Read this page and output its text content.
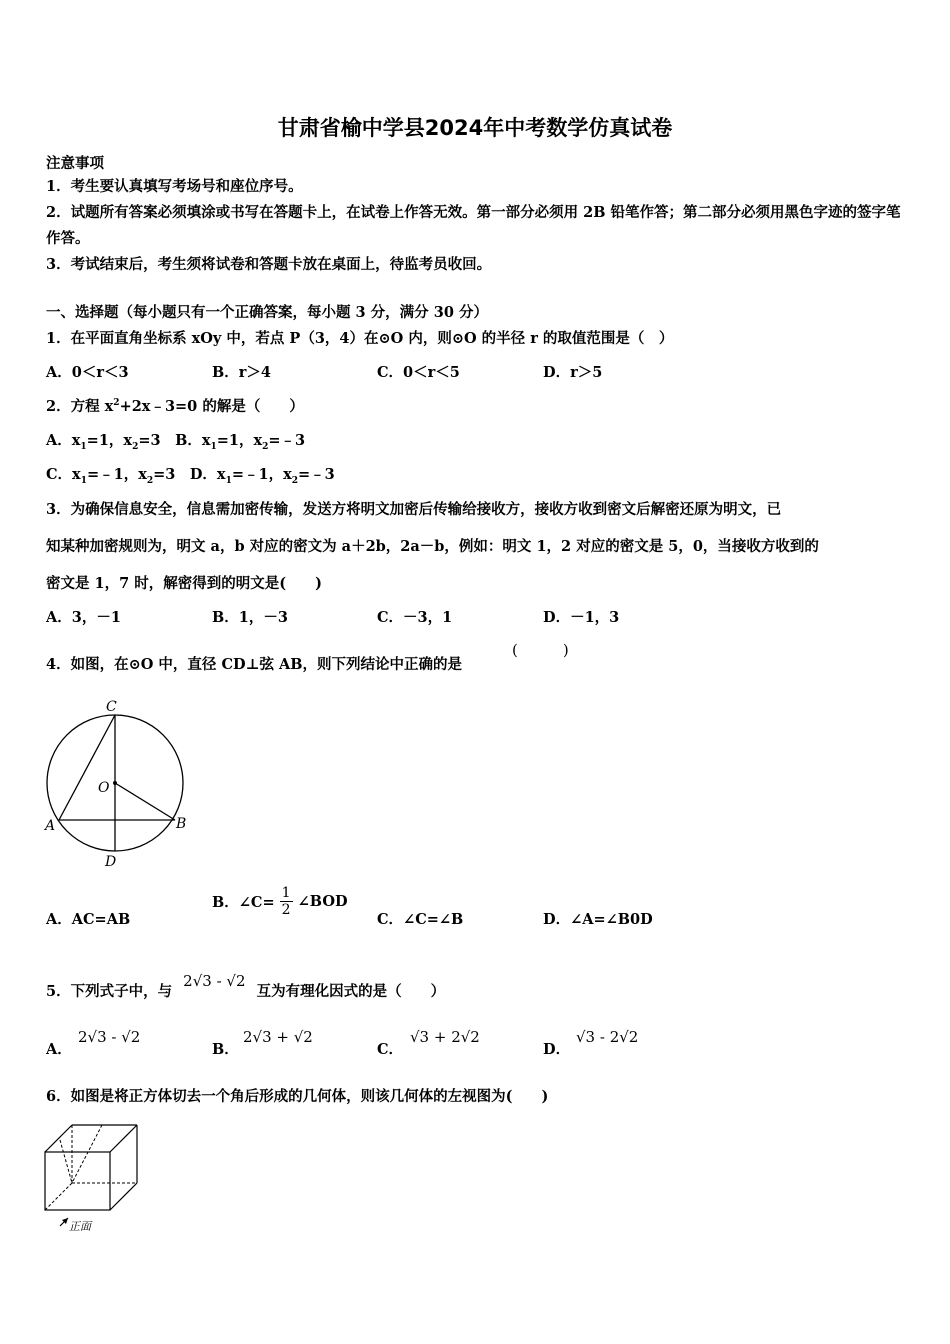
甘肃省榆中学县2024年中考数学仿真试卷
注意事项
1．考生要认真填写考场号和座位序号。
2．试题所有答案必须填涂或书写在答题卡上，在试卷上作答无效。第一部分必须用 2B 铅笔作答；第二部分必须用黑色字迹的签字笔作答。
3．考试结束后，考生须将试卷和答题卡放在桌面上，待监考员收回。
一、选择题（每小题只有一个正确答案，每小题 3 分，满分 30 分）
1．在平面直角坐标系 xOy 中，若点 P（3，4）在⊙O 内，则⊙O 的半径 r 的取值范围是（　）
A．0＜r＜3	B．r＞4	C．0＜r＜5	D．r＞5
2．方程 $x^2+2x﹣3=0$ 的解是（　　）
A．$x_1=1$，$x_2=3$　B．$x_1=1$，$x_2=﹣3$
C．$x_1=﹣1$，$x_2=3$　D．$x_1=﹣1$，$x_2=﹣3$
3．为确保信息安全，信息需加密传输，发送方将明文加密后传输给接收方，接收方收到密文后解密还原为明文，已
知某种加密规则为，明文 a，b 对应的密文为 a＋2b，2a－b，例如：明文 1，2 对应的密文是 5，0，当接收方收到的
密文是 1，7 时，解密得到的明文是(　　)
A．3，－1	B．1，－3	C．－3，1	D．－1，3
4．如图，在⊙O 中，直径 CD⊥弦 AB，则下列结论中正确的是
(　　　)
C
O
A	B
D
A．AC=AB
B．∠C= $\frac{1}{2}$ ∠BOD
C．∠C=∠B	D．∠A=∠B0D
5．下列式子中，与 2√3 - √2 互为有理化因式的是（　　）
A．
2√3 - √2
B．
2√3 + √2
C．
√3 + 2√2
D．
√3 - 2√2
6．如图是将正方体切去一个角后形成的几何体，则该几何体的左视图为(　　)
正面
